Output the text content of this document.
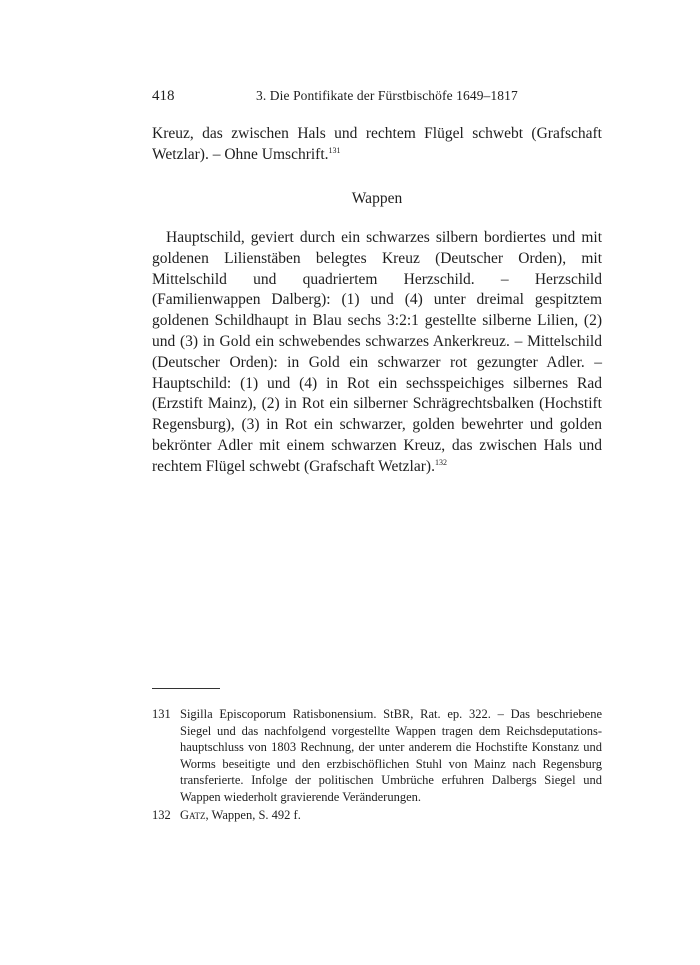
418	3. Die Pontifikate der Fürstbischöfe 1649–1817

Kreuz, das zwischen Hals und rechtem Flügel schwebt (Grafschaft Wetzlar). – Ohne Umschrift.$^{131}$

Wappen

Hauptschild, geviert durch ein schwarzes silbern bordiertes und mit goldenen Lilienstäben belegtes Kreuz (Deutscher Orden), mit Mittelschild und quadriertem Herzschild. – Herzschild (Familienwappen Dalberg): (1) und (4) unter dreimal gespitztem goldenen Schildhaupt in Blau sechs 3:2:1 gestellte silberne Lilien, (2) und (3) in Gold ein schwebendes schwarzes Ankerkreuz. – Mittelschild (Deutscher Orden): in Gold ein schwarzer rot gezungter Adler. – Hauptschild: (1) und (4) in Rot ein sechsspeichiges silbernes Rad (Erzstift Mainz), (2) in Rot ein silberner Schrägrechtsbalken (Hochstift Regensburg), (3) in Rot ein schwarzer, golden bewehrter und golden bekrönter Adler mit einem schwarzen Kreuz, das zwischen Hals und rechtem Flügel schwebt (Grafschaft Wetzlar).$^{132}$

131 Sigilla Episcoporum Ratisbonensium. StBR, Rat. ep. 322. – Das beschriebene Siegel und das nachfolgend vorgestellte Wappen tragen dem Reichsdeputationshauptschluss von 1803 Rechnung, der unter anderem die Hochstifte Konstanz und Worms beseitigte und den erzbischöflichen Stuhl von Mainz nach Regensburg transferierte. Infolge der politischen Umbrüche erfuhren Dalbergs Siegel und Wappen wiederholt gravierende Veränderungen.

132 Gatz, Wappen, S. 492 f.
